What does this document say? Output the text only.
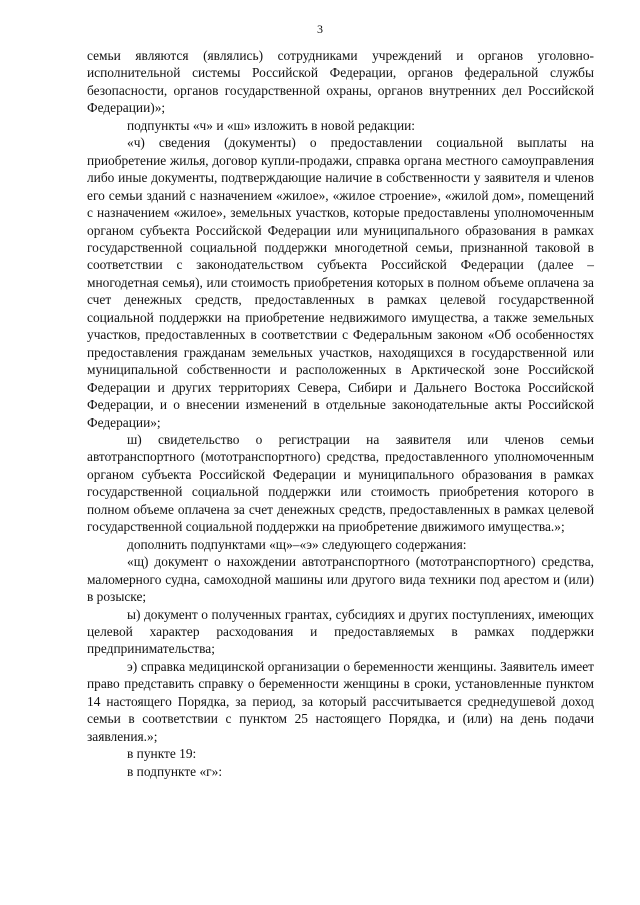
3

семьи являются (являлись) сотрудниками учреждений и органов уголовно-исполнительной системы Российской Федерации, органов федеральной службы безопасности, органов государственной охраны, органов внутренних дел Российской Федерации)»;

подпункты «ч» и «ш» изложить в новой редакции:

«ч) сведения (документы) о предоставлении социальной выплаты на приобретение жилья, договор купли-продажи, справка органа местного самоуправления либо иные документы, подтверждающие наличие в собственности у заявителя и членов его семьи зданий с назначением «жилое», «жилое строение», «жилой дом», помещений с назначением «жилое», земельных участков, которые предоставлены уполномоченным органом субъекта Российской Федерации или муниципального образования в рамках государственной социальной поддержки многодетной семьи, признанной таковой в соответствии с законодательством субъекта Российской Федерации (далее – многодетная семья), или стоимость приобретения которых в полном объеме оплачена за счет денежных средств, предоставленных в рамках целевой государственной социальной поддержки на приобретение недвижимого имущества, а также земельных участков, предоставленных в соответствии с Федеральным законом «Об особенностях предоставления гражданам земельных участков, находящихся в государственной или муниципальной собственности и расположенных в Арктической зоне Российской Федерации и других территориях Севера, Сибири и Дальнего Востока Российской Федерации, и о внесении изменений в отдельные законодательные акты Российской Федерации»;

ш) свидетельство о регистрации на заявителя или членов семьи автотранспортного (мототранспортного) средства, предоставленного уполномоченным органом субъекта Российской Федерации и муниципального образования в рамках государственной социальной поддержки или стоимость приобретения которого в полном объеме оплачена за счет денежных средств, предоставленных в рамках целевой государственной социальной поддержки на приобретение движимого имущества.»;

дополнить подпунктами «щ»–«э» следующего содержания:

«щ) документ о нахождении автотранспортного (мототранспортного) средства, маломерного судна, самоходной машины или другого вида техники под арестом и (или) в розыске;

ы) документ о полученных грантах, субсидиях и других поступлениях, имеющих целевой характер расходования и предоставляемых в рамках поддержки предпринимательства;

э) справка медицинской организации о беременности женщины. Заявитель имеет право представить справку о беременности женщины в сроки, установленные пунктом 14 настоящего Порядка, за период, за который рассчитывается среднедушевой доход семьи в соответствии с пунктом 25 настоящего Порядка, и (или) на день подачи заявления.»;

в пункте 19:

в подпункте «г»:
